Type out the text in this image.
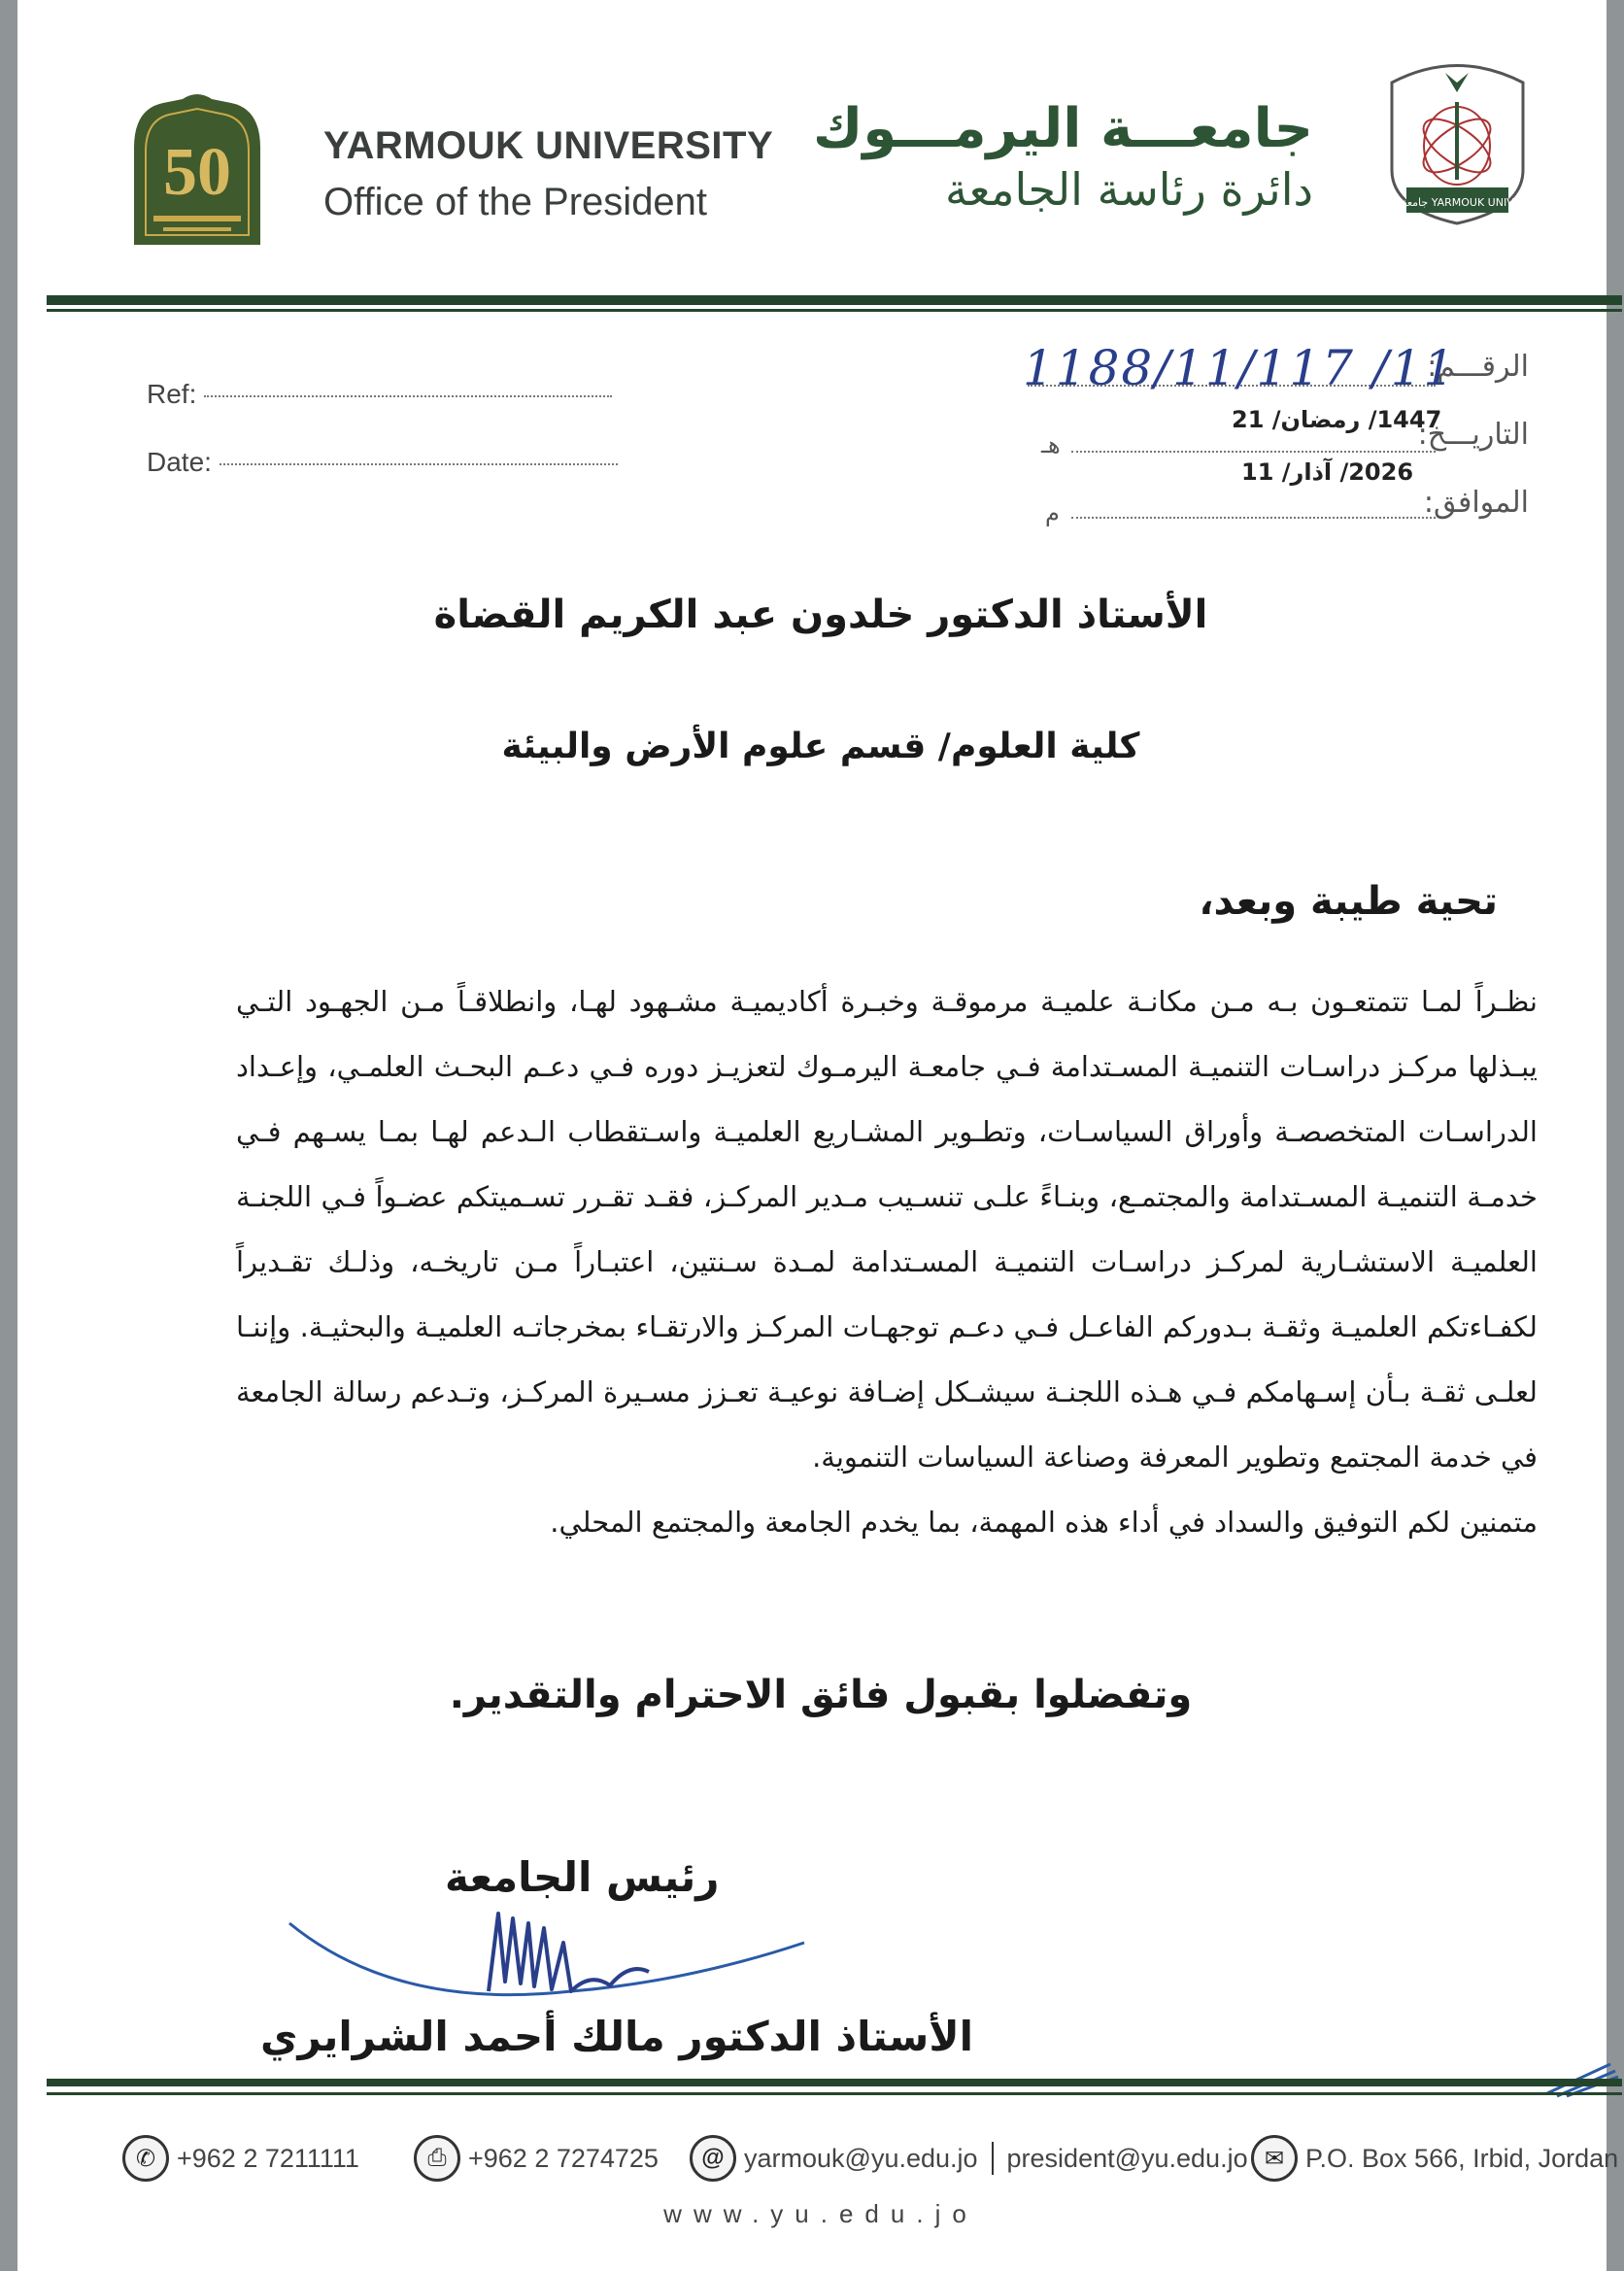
50 YARMOUK UNIVERSITY
Office of the President
جامعـــة اليرمـــوك
دائرة رئاسة الجامعة	جامعة اليرموك YARMOUK UNIVERSITY
Ref:
Date:
الرقـــم:
1188/11/117 /11
التاريـــخ:
1447/ رمضان/ 21
هـ
الموافق:
2026/ آذار/ 11
م
الأستاذ الدكتور خلدون عبد الكريم القضاة
كلية العلوم/ قسم علوم الأرض والبيئة
تحية طيبة وبعد،
نظـراً لمـا تتمتعـون بـه مـن مكانـة علميـة مرموقـة وخبـرة أكاديميـة مشـهود لهـا، وانطلاقـاً مـن الجهـود التـي يبـذلها مركـز دراسـات التنميـة المسـتدامة فـي جامعـة اليرمـوك لتعزيـز دوره فـي دعـم البحـث العلمـي، وإعـداد الدراسـات المتخصصـة وأوراق السياسـات، وتطـوير المشـاريع العلميـة واسـتقطاب الـدعم لهـا بمـا يسـهم فـي خدمـة التنميـة المسـتدامة والمجتمـع، وبنـاءً علـى تنسـيب مـدير المركـز، فقـد تقـرر تسـميتكم عضـواً فـي اللجنـة العلميـة الاستشـارية لمركـز دراسـات التنميـة المسـتدامة لمـدة سـنتين، اعتبـاراً مـن تاريخـه، وذلـك تقـديراً لكفـاءتكم العلميـة وثقـة بـدوركم الفاعـل فـي دعـم توجهـات المركـز والارتقـاء بمخرجاتـه العلميـة والبحثيـة. وإننـا لعلـى ثقـة بـأن إسـهامكم فـي هـذه اللجنـة سيشـكل إضـافة نوعيـة تعـزز مسـيرة المركـز، وتـدعم رسالة الجامعة في خدمة المجتمع وتطوير المعرفة وصناعة السياسات التنموية.
متمنين لكم التوفيق والسداد في أداء هذه المهمة، بما يخدم الجامعة والمجتمع المحلي.
وتفضلوا بقبول فائق الاحترام والتقدير.
رئيس الجامعة
الأستاذ الدكتور مالك أحمد الشرايري
✆ +962 2 7211111	⎙ +962 2 7274725	@ yarmouk@yu.edu.jo president@yu.edu.jo ✉ P.O. Box 566, Irbid, Jordan
www.yu.edu.jo
